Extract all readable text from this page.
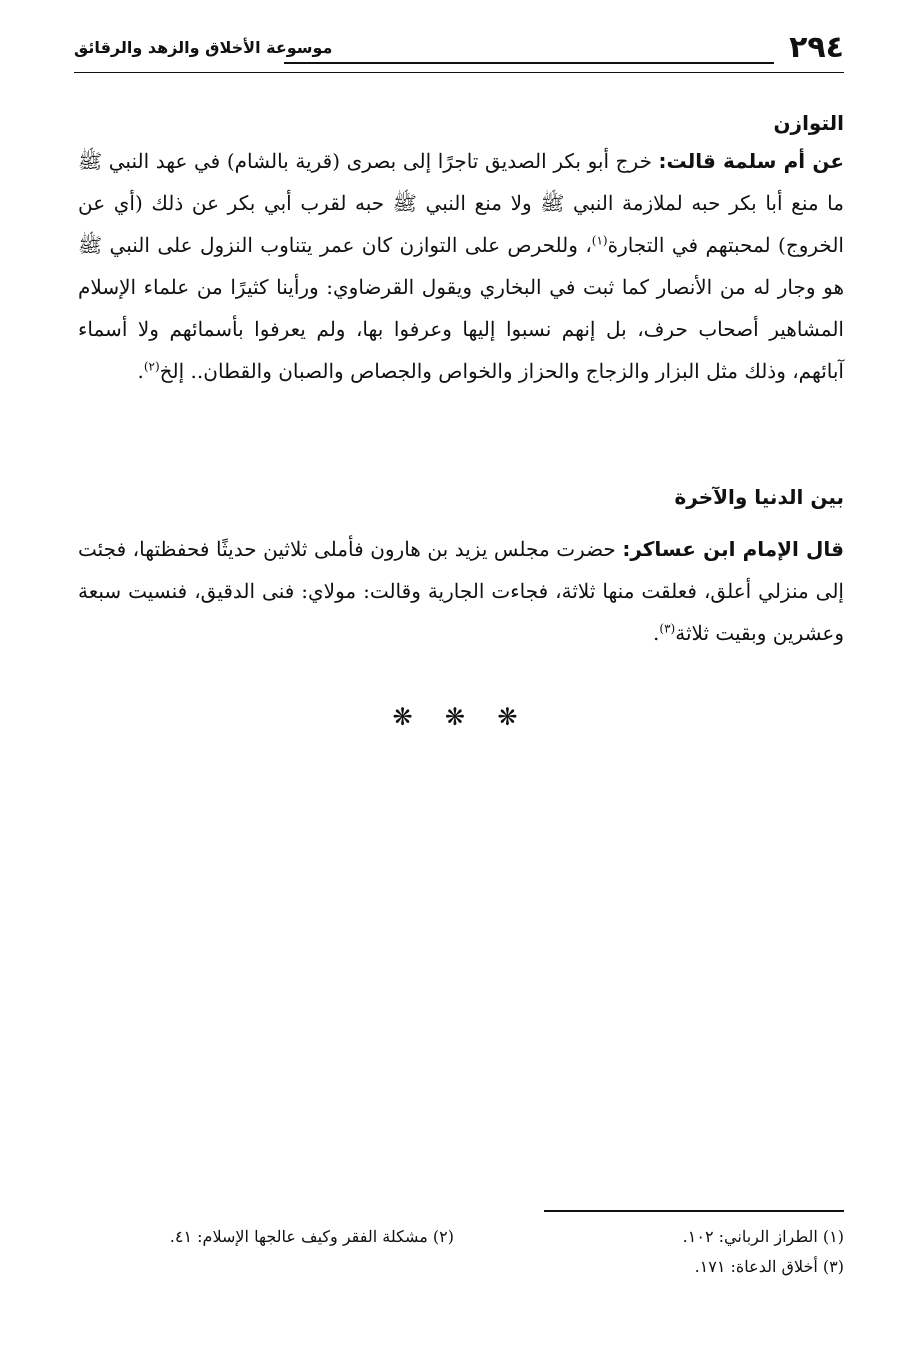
٢٩٤
موسوعة الأخلاق والزهد والرقائق
التوازن

عن أم سلمة قالت: خرج أبو بكر الصديق تاجرًا إلى بصرى (قرية بالشام) في عهد النبي ﷺ ما منع أبا بكر حبه لملازمة النبي ﷺ ولا منع النبي ﷺ حبه لقرب أبي بكر عن ذلك (أي عن الخروج) لمحبتهم في التجارة$^{(١)}$، وللحرص على التوازن كان عمر يتناوب النزول على النبي ﷺ هو وجار له من الأنصار كما ثبت في البخاري ويقول القرضاوي: ورأينا كثيرًا من علماء الإسلام المشاهير أصحاب حرف، بل إنهم نسبوا إليها وعرفوا بها، ولم يعرفوا بأسمائهم ولا أسماء آبائهم، وذلك مثل البزار والزجاج والحزاز والخواص والجصاص والصبان والقطان.. إلخ$^{(٢)}$.

بين الدنيا والآخرة

قال الإمام ابن عساكر: حضرت مجلس يزيد بن هارون فأملى ثلاثين حديثًا فحفظتها، فجئت إلى منزلي أعلق، فعلقت منها ثلاثة، فجاءت الجارية وقالت: مولاي: فنى الدقيق، فنسيت سبعة وعشرين وبقيت ثلاثة$^{(٣)}$.

❋ ❋ ❋
(١) الطراز الرباني: ١٠٢.
(٢) مشكلة الفقر وكيف عالجها الإسلام: ٤١.
(٣) أخلاق الدعاة: ١٧١.
